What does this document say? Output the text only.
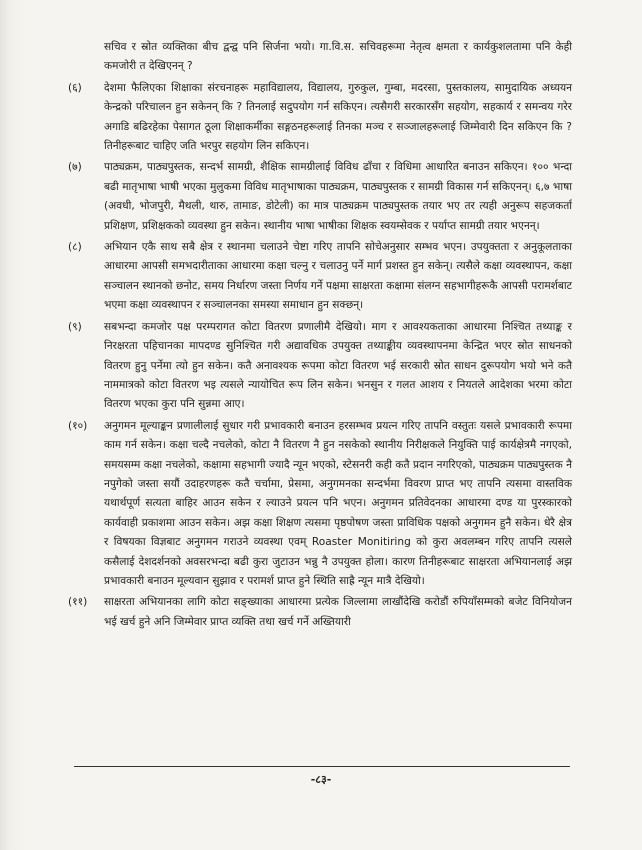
सचिव र स्रोत व्यक्तिका बीच द्वन्द्व पनि सिर्जना भयो। गा.वि.स. सचिवहरूमा नेतृत्व क्षमता र कार्यकुशलतामा पनि केही कमजोरी त देखिएनन् ?

(६)	देशमा फैलिएका शिक्षाका संरचनाहरू महाविद्यालय, विद्यालय, गुरुकुल, गुम्बा, मदरसा, पुस्तकालय, सामुदायिक अध्ययन केन्द्रको परिचालन हुन सकेनन् कि ? तिनलाई सदुपयोग गर्न सकिएन। त्यसैगरी सरकारसँग सहयोग, सहकार्य र समन्वय गरेर अगाडि बढिरहेका पेसागत ठूला शिक्षाकर्मीका सङ्गठनहरूलाई तिनका मञ्च र सञ्जालहरूलाई जिम्मेवारी दिन सकिएन कि ? तिनीहरूबाट चाहिए जति भरपुर सहयोग लिन सकिएन।

(७)	पाठ्यक्रम, पाठ्यपुस्तक, सन्दर्भ सामग्री, शैक्षिक सामग्रीलाई विविध ढाँचा र विधिमा आधारित बनाउन सकिएन। १०० भन्दा बढी मातृभाषा भाषी भएका मुलुकमा विविध मातृभाषाका पाठ्यक्रम, पाठ्यपुस्तक र सामग्री विकास गर्न सकिएनन्। ६,७ भाषा (अवधी, भोजपुरी, मैथली, थारु, तामाङ, डोटेली) का मात्र पाठ्यक्रम पाठ्यपुस्तक तयार भए तर त्यही अनुरूप सहजकर्ता प्रशिक्षण, प्रशिक्षकको व्यवस्था हुन सकेन। स्थानीय भाषा भाषीका शिक्षक स्वयम्सेवक र पर्याप्त सामग्री तयार भएनन्।

(८)	अभियान एकै साथ सबै क्षेत्र र स्थानमा चलाउने चेष्टा गरिए तापनि सोचेअनुसार सम्भव भएन। उपयुक्तता र अनुकूलताका आधारमा आपसी समभदारीताका आधारमा कक्षा चल्नु र चलाउनु पर्ने मार्ग प्रशस्त हुन सकेन्। त्यसैले कक्षा व्यवस्थापन, कक्षा सञ्चालन स्थानको छनोट, समय निर्धारण जस्ता निर्णय गर्ने पक्षमा साक्षरता कक्षामा संलग्न सहभागीहरूकै आपसी परामर्शबाट भएमा कक्षा व्यवस्थापन र सञ्चालनका समस्या समाधान हुन सक्छन्।

(९)	सबभन्दा कमजोर पक्ष परम्परागत कोटा वितरण प्रणालीमै देखियो। माग र आवश्यकताका आधारमा निश्चित तथ्याङ्क र निरक्षरता पहिचानका मापदण्ड सुनिश्चित गरी अद्यावधिक उपयुक्त तथ्याङ्कीय व्यवस्थापनमा केन्द्रित भएर स्रोत साधनको वितरण हुनु पर्नेमा त्यो हुन सकेन। कतै अनावश्यक रूपमा कोटा वितरण भई सरकारी स्रोत साधन दुरूपयोग भयो भने कतै नाममात्रको कोटा वितरण भइ त्यसले न्यायोचित रूप लिन सकेन। भनसुन र गलत आशय र नियतले आदेशका भरमा कोटा वितरण भएका कुरा पनि सुन्नमा आए।

(१०)	अनुगमन मूल्याङ्कन प्रणालीलाई सुधार गरी प्रभावकारी बनाउन हरसम्भव प्रयत्न गरिए तापनि वस्तुतः यसले प्रभावकारी रूपमा काम गर्न सकेन। कक्षा चल्दै नचलेको, कोटा नै वितरण नै हुन नसकेको स्थानीय निरीक्षकले नियुक्ति पाई कार्यक्षेत्रमै नगएको, समयसम्म कक्षा नचलेको, कक्षामा सहभागी ज्यादै न्यून भएको, स्टेसनरी कही कतै प्रदान नगरिएको, पाठ्यक्रम पाठ्यपुस्तक नै नपुगेको जस्ता सयौं उदाहरणहरू कतै चर्चामा, प्रेसमा, अनुगमनका सन्दर्भमा विवरण प्राप्त भए तापनि त्यसमा वास्तविक यथार्थपूर्ण सत्यता बाहिर आउन सकेन र ल्याउने प्रयत्न पनि भएन। अनुगमन प्रतिवेदनका आधारमा दण्ड या पुरस्कारको कार्यवाही प्रकाशमा आउन सकेन। अझ कक्षा शिक्षण त्यसमा पृष्ठपोषण जस्ता प्राविधिक पक्षको अनुगमन हुनै सकेन। धेरै क्षेत्र र विषयका विज्ञबाट अनुगमन गराउने व्यवस्था एवम् Roaster Monitiring को कुरा अवलम्बन गरिए तापनि त्यसले कसैलाई देशदर्शनको अवसरभन्दा बढी कुरा जुटाउन भन्नु नै उपयुक्त होला। कारण तिनीहरूबाट साक्षरता अभियानलाई अझ प्रभावकारी बनाउन मूल्यवान सुझाव र परामर्श प्राप्त हुने स्थिति साह्रै न्यून मात्रै देखियो।

(११)	साक्षरता अभियानका लागि कोटा सङ्ख्याका आधारमा प्रत्येक जिल्लामा लाखौंदेखि करोडौं रुपियाँसम्मको बजेट विनियोजन भई खर्च हुने अनि जिम्मेवार प्राप्त व्यक्ति तथा खर्च गर्ने अख्तियारी

-८३-
